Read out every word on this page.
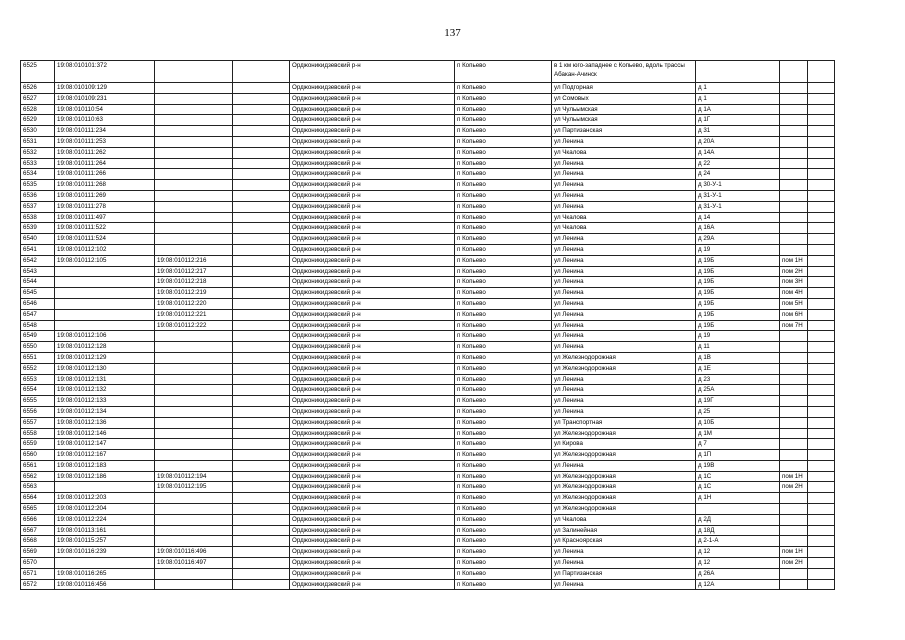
137
6525	19:08:010101:372			Орджоникидзевский р-н	п Копьево	в 1 км юго-западнее с Копьево, вдоль трассы Абакан-Ачинск			
6526	19:08:010109:129			Орджоникидзевский р-н	п Копьево	ул Подгорная	д 1		
6527	19:08:010109:231			Орджоникидзевский р-н	п Копьево	ул Сомовых	д 1		
6528	19:08:010110:54			Орджоникидзевский р-н	п Копьево	ул Чульымская	д 1А		
6529	19:08:010110:63			Орджоникидзевский р-н	п Копьево	ул Чульымская	д 1Г		
6530	19:08:010111:234			Орджоникидзевский р-н	п Копьево	ул Партизанская	д 31		
6531	19:08:010111:253			Орджоникидзевский р-н	п Копьево	ул Ленина	д 20А		
6532	19:08:010111:262			Орджоникидзевский р-н	п Копьево	ул Чкалова	д 14А		
6533	19:08:010111:264			Орджоникидзевский р-н	п Копьево	ул Ленина	д 22		
6534	19:08:010111:266			Орджоникидзевский р-н	п Копьево	ул Ленина	д 24		
6535	19:08:010111:268			Орджоникидзевский р-н	п Копьево	ул Ленина	д 30-У-1		
6536	19:08:010111:269			Орджоникидзевский р-н	п Копьево	ул Ленина	д 31-У-1		
6537	19:08:010111:278			Орджоникидзевский р-н	п Копьево	ул Ленина	д 31-У-1		
6538	19:08:010111:497			Орджоникидзевский р-н	п Копьево	ул Чкалова	д 14		
6539	19:08:010111:522			Орджоникидзевский р-н	п Копьево	ул Чкалова	д 16А		
6540	19:08:010111:524			Орджоникидзевский р-н	п Копьево	ул Ленина	д 29А		
6541	19:08:010112:102			Орджоникидзевский р-н	п Копьево	ул Ленина	д 19		
6542	19:08:010112:105	19:08:010112:216		Орджоникидзевский р-н	п Копьево	ул Ленина	д 19Б	пом 1Н	
6543		19:08:010112:217		Орджоникидзевский р-н	п Копьево	ул Ленина	д 19Б	пом 2Н	
6544		19:08:010112:218		Орджоникидзевский р-н	п Копьево	ул Ленина	д 19Б	пом 3Н	
6545		19:08:010112:219		Орджоникидзевский р-н	п Копьево	ул Ленина	д 19Б	пом 4Н	
6546		19:08:010112:220		Орджоникидзевский р-н	п Копьево	ул Ленина	д 19Б	пом 5Н	
6547		19:08:010112:221		Орджоникидзевский р-н	п Копьево	ул Ленина	д 19Б	пом 6Н	
6548		19:08:010112:222		Орджоникидзевский р-н	п Копьево	ул Ленина	д 19Б	пом 7Н	
6549	19:08:010112:106			Орджоникидзевский р-н	п Копьево	ул Ленина	д 19		
6550	19:08:010112:128			Орджоникидзевский р-н	п Копьево	ул Ленина	д 11		
6551	19:08:010112:129			Орджоникидзевский р-н	п Копьево	ул Железнодорожная	д 1В		
6552	19:08:010112:130			Орджоникидзевский р-н	п Копьево	ул Железнодорожная	д 1Е		
6553	19:08:010112:131			Орджоникидзевский р-н	п Копьево	ул Ленина	д 23		
6554	19:08:010112:132			Орджоникидзевский р-н	п Копьево	ул Ленина	д 25А		
6555	19:08:010112:133			Орджоникидзевский р-н	п Копьево	ул Ленина	д 19Г		
6556	19:08:010112:134			Орджоникидзевский р-н	п Копьево	ул Ленина	д 25		
6557	19:08:010112:136			Орджоникидзевский р-н	п Копьево	ул Транспортная	д 10Б		
6558	19:08:010112:146			Орджоникидзевский р-н	п Копьево	ул Железнодорожная	д 1М		
6559	19:08:010112:147			Орджоникидзевский р-н	п Копьево	ул Кирова	д 7		
6560	19:08:010112:167			Орджоникидзевский р-н	п Копьево	ул Железнодорожная	д 1П		
6561	19:08:010112:183			Орджоникидзевский р-н	п Копьево	ул Ленина	д 19В		
6562	19:08:010112:186	19:08:010112:194		Орджоникидзевский р-н	п Копьево	ул Железнодорожная	д 1С	пом 1Н	
6563		19:08:010112:195		Орджоникидзевский р-н	п Копьево	ул Железнодорожная	д 1С	пом 2Н	
6564	19:08:010112:203			Орджоникидзевский р-н	п Копьево	ул Железнодорожная	д 1Н		
6565	19:08:010112:204			Орджоникидзевский р-н	п Копьево	ул Железнодорожная			
6566	19:08:010112:224			Орджоникидзевский р-н	п Копьево	ул Чкалова	д 2Д		
6567	19:08:010113:161			Орджоникидзевский р-н	п Копьево	ул Залинейная	д 18Д		
6568	19:08:010115:257			Орджоникидзевский р-н	п Копьево	ул Красноярская	д 2-1-А		
6569	19:08:010116:239	19:08:010116:496		Орджоникидзевский р-н	п Копьево	ул Ленина	д 12	пом 1Н	
6570		19:08:010116:497		Орджоникидзевский р-н	п Копьево	ул Ленина	д 12	пом 2Н	
6571	19:08:010116:265			Орджоникидзевский р-н	п Копьево	ул Партизанская	д 26А		
6572	19:08:010116:456			Орджоникидзевский р-н	п Копьево	ул Ленина	д 12А		
